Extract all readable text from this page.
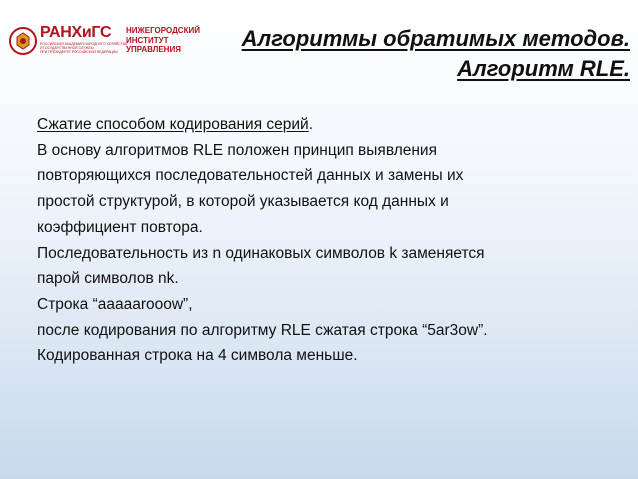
РАНХиГС
РОССИЙСКАЯ АКАДЕМИЯ НАРОДНОГО ХОЗЯЙСТВА
И ГОСУДАРСТВЕННОЙ СЛУЖБЫ
ПРИ ПРЕЗИДЕНТЕ РОССИЙСКОЙ ФЕДЕРАЦИИ
НИЖЕГОРОДСКИЙ
ИНСТИТУТ
УПРАВЛЕНИЯ	Алгоритмы обратимых методов.
Алгоритм RLE.

Сжатие способом кодирования серий.

В основу алгоритмов RLE положен принцип выявления

повторяющихся последовательностей данных и замены их

простой структурой, в которой указывается код данных и

коэффициент повтора.

Последовательность из n одинаковых символов k заменяется

парой символов nk.

Строка “aaaaarooow”,

после кодирования по алгоритму RLE сжатая строка “5ar3ow”.

Кодированная строка на 4 символа меньше.
